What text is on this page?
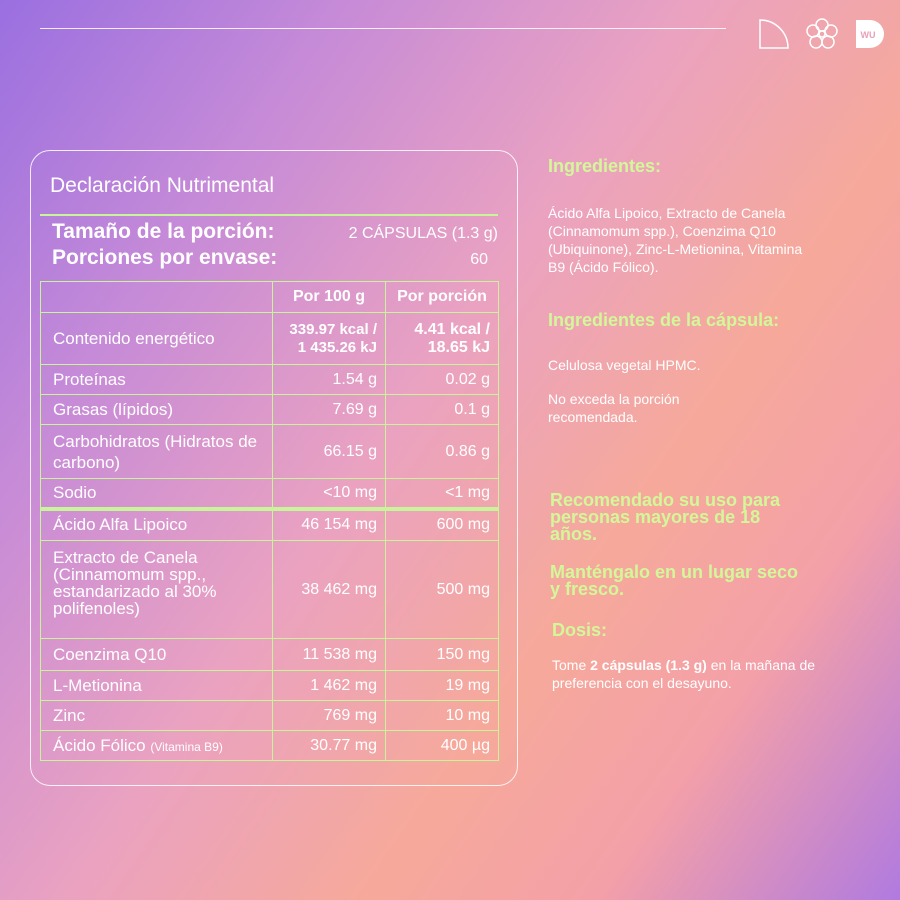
WU
Declaración Nutrimental
Tamaño de la porción:	2 CÁPSULAS (1.3 g)
Porciones por envase:	60
	Por 100 g	Por porción
Contenido energético	339.97 kcal / 1 435.26 kJ	4.41 kcal / 18.65 kJ
Proteínas	1.54 g	0.02 g
Grasas (lípidos)	7.69 g	0.1 g
Carbohidratos (Hidratos de carbono)	66.15 g	0.86 g
Sodio	<10 mg	<1 mg
Ácido Alfa Lipoico	46 154 mg	600 mg
Extracto de Canela
(Cinnamomum spp., estandarizado al 30% polifenoles)	38 462 mg	500 mg
Coenzima Q10	11 538 mg	150 mg
L-Metionina	1 462 mg	19 mg
Zinc	769 mg	10 mg
Ácido Fólico (Vitamina B9)	30.77 mg	400 µg
Ingredientes:
Ácido Alfa Lipoico, Extracto de Canela (Cinnamomum spp.), Coenzima Q10 (Ubiquinone), Zinc-L-Metionina, Vitamina B9 (Ácido Fólico).
Ingredientes de la cápsula:
Celulosa vegetal HPMC.
No exceda la porción recomendada.
Recomendado su uso para personas mayores de 18 años.
Manténgalo en un lugar seco y fresco.
Dosis:
Tome 2 cápsulas (1.3 g) en la mañana de preferencia con el desayuno.
